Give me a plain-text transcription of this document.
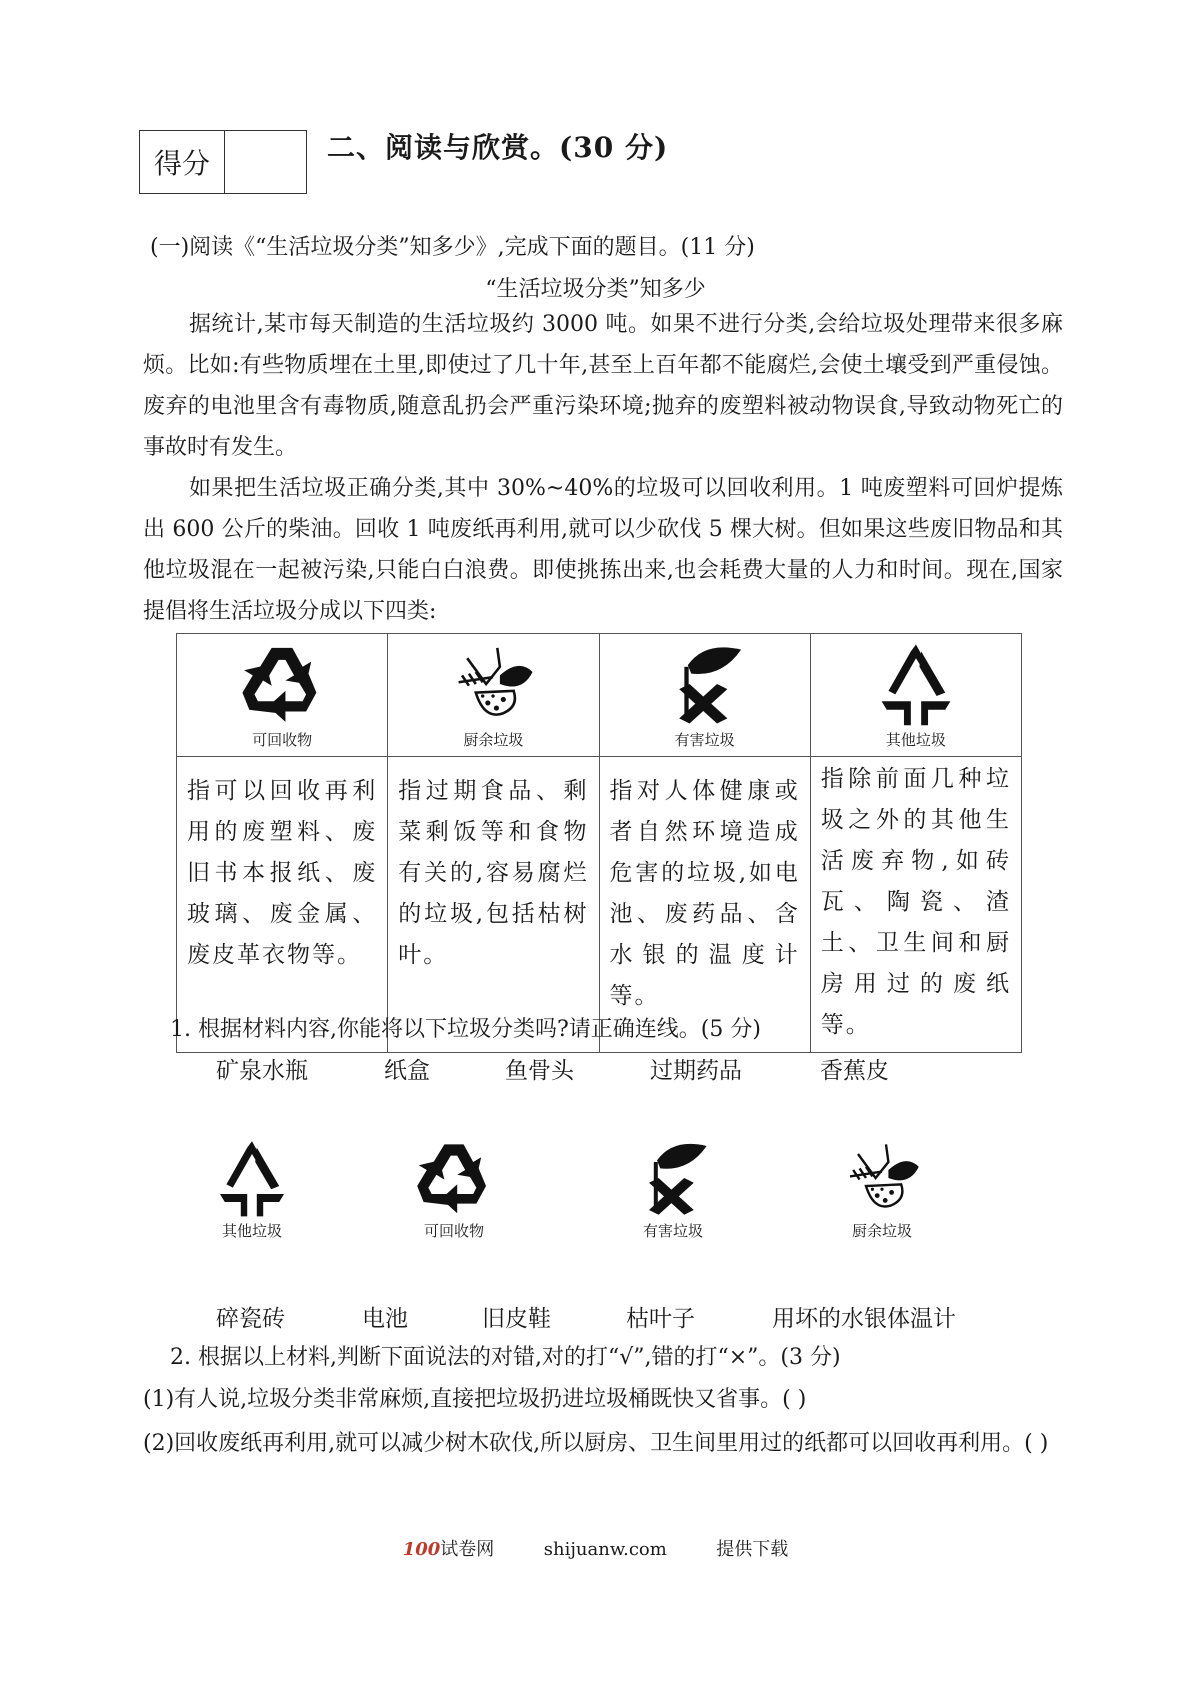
得分	二、阅读与欣赏。(30 分)
(一)阅读《“生活垃圾分类”知多少》,完成下面的题目。(11 分)
“生活垃圾分类”知多少

据统计,某市每天制造的生活垃圾约 3000 吨。如果不进行分类,会给垃圾处理带来很多麻烦。比如:有些物质埋在土里,即使过了几十年,甚至上百年都不能腐烂,会使土壤受到严重侵蚀。废弃的电池里含有毒物质,随意乱扔会严重污染环境;抛弃的废塑料被动物误食,导致动物死亡的事故时有发生。

如果把生活垃圾正确分类,其中 30%~40%的垃圾可以回收利用。1 吨废塑料可回炉提炼出 600 公斤的柴油。回收 1 吨废纸再利用,就可以少砍伐 5 棵大树。但如果这些废旧物品和其他垃圾混在一起被污染,只能白白浪费。即使挑拣出来,也会耗费大量的人力和时间。现在,国家提倡将生活垃圾分成以下四类:

可回收物	厨余垃圾	有害垃圾	其他垃圾

指可以回收再利用的废塑料、废旧书本报纸、废玻璃、废金属、废皮革衣物等。	指过期食品、剩菜剩饭等和食物有关的,容易腐烂的垃圾,包括枯树叶。	指对人体健康或者自然环境造成危害的垃圾,如电池、废药品、含水银的温度计等。	指除前面几种垃圾之外的其他生活废弃物,如砖瓦、陶瓷、渣土、卫生间和厨房用过的废纸等。
1. 根据材料内容,你能将以下垃圾分类吗?请正确连线。(5 分)
矿泉水瓶	纸盒	鱼骨头	过期药品	香蕉皮
其他垃圾	可回收物	有害垃圾	厨余垃圾
碎瓷砖	电池	旧皮鞋	枯叶子	用坏的水银体温计
2. 根据以上材料,判断下面说法的对错,对的打“√”,错的打“×”。(3 分)
(1)有人说,垃圾分类非常麻烦,直接把垃圾扔进垃圾桶既快又省事。( )
(2)回收废纸再利用,就可以减少树木砍伐,所以厨房、卫生间里用过的纸都可以回收再利用。( )
100试卷网	shijuanw.com	提供下载
